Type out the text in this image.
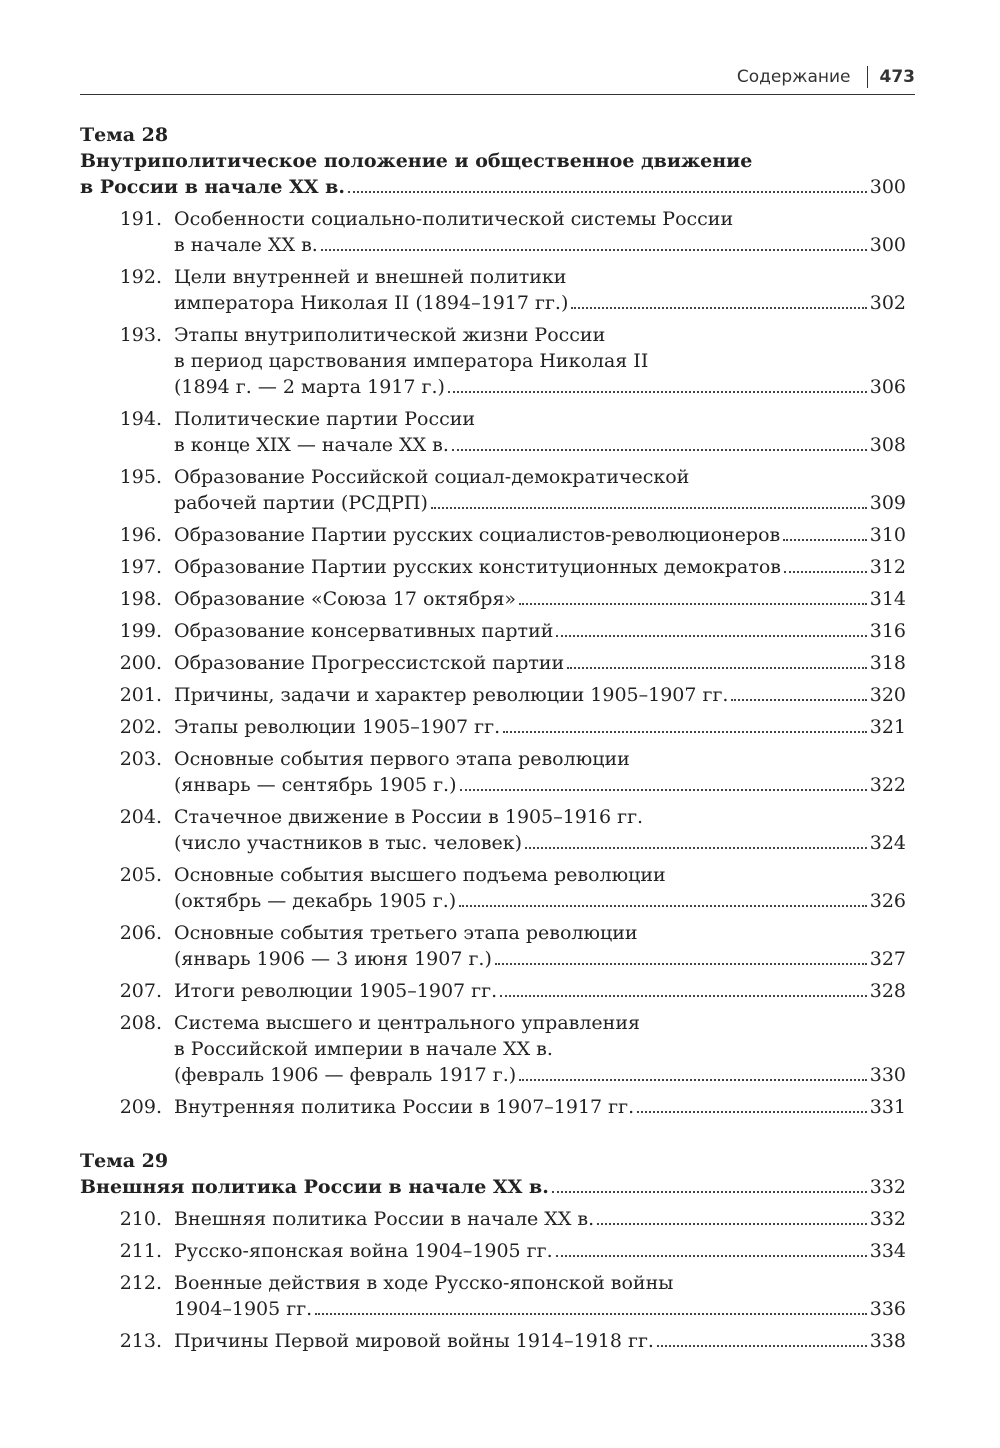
Содержание 473
Тема 28
Внутриполитическое положение и общественное движение
в России в начале XX в.	300
191. Особенности социально-политической системы России
в начале XX в.	300
192. Цели внутренней и внешней политики
императора Николая II (1894–1917 гг.)	302
193. Этапы внутриполитической жизни России
в период царствования императора Николая II
(1894 г. — 2 марта 1917 г.)	306
194. Политические партии России
в конце XIX — начале XX в.	308
195. Образование Российской социал-демократической
рабочей партии (РСДРП)	309
196. Образование Партии русских социалистов-революционеров	310
197. Образование Партии русских конституционных демократов	312
198. Образование «Союза 17 октября»	314
199. Образование консервативных партий	316
200. Образование Прогрессистской партии	318
201. Причины, задачи и характер революции 1905–1907 гг.	320
202. Этапы революции 1905–1907 гг.	321
203. Основные события первого этапа революции
(январь — сентябрь 1905 г.)	322
204. Стачечное движение в России в 1905–1916 гг.
(число участников в тыс. человек)	324
205. Основные события высшего подъема революции
(октябрь — декабрь 1905 г.)	326
206. Основные события третьего этапа революции
(январь 1906 — 3 июня 1907 г.)	327
207. Итоги революции 1905–1907 гг.	328
208. Система высшего и центрального управления
в Российской империи в начале XX в.
(февраль 1906 — февраль 1917 г.)	330
209. Внутренняя политика России в 1907–1917 гг.	331
Тема 29
Внешняя политика России в начале XX в.	332
210. Внешняя политика России в начале XX в.	332
211. Русско-японская война 1904–1905 гг.	334
212. Военные действия в ходе Русско-японской войны
1904–1905 гг.	336
213. Причины Первой мировой войны 1914–1918 гг.	338
